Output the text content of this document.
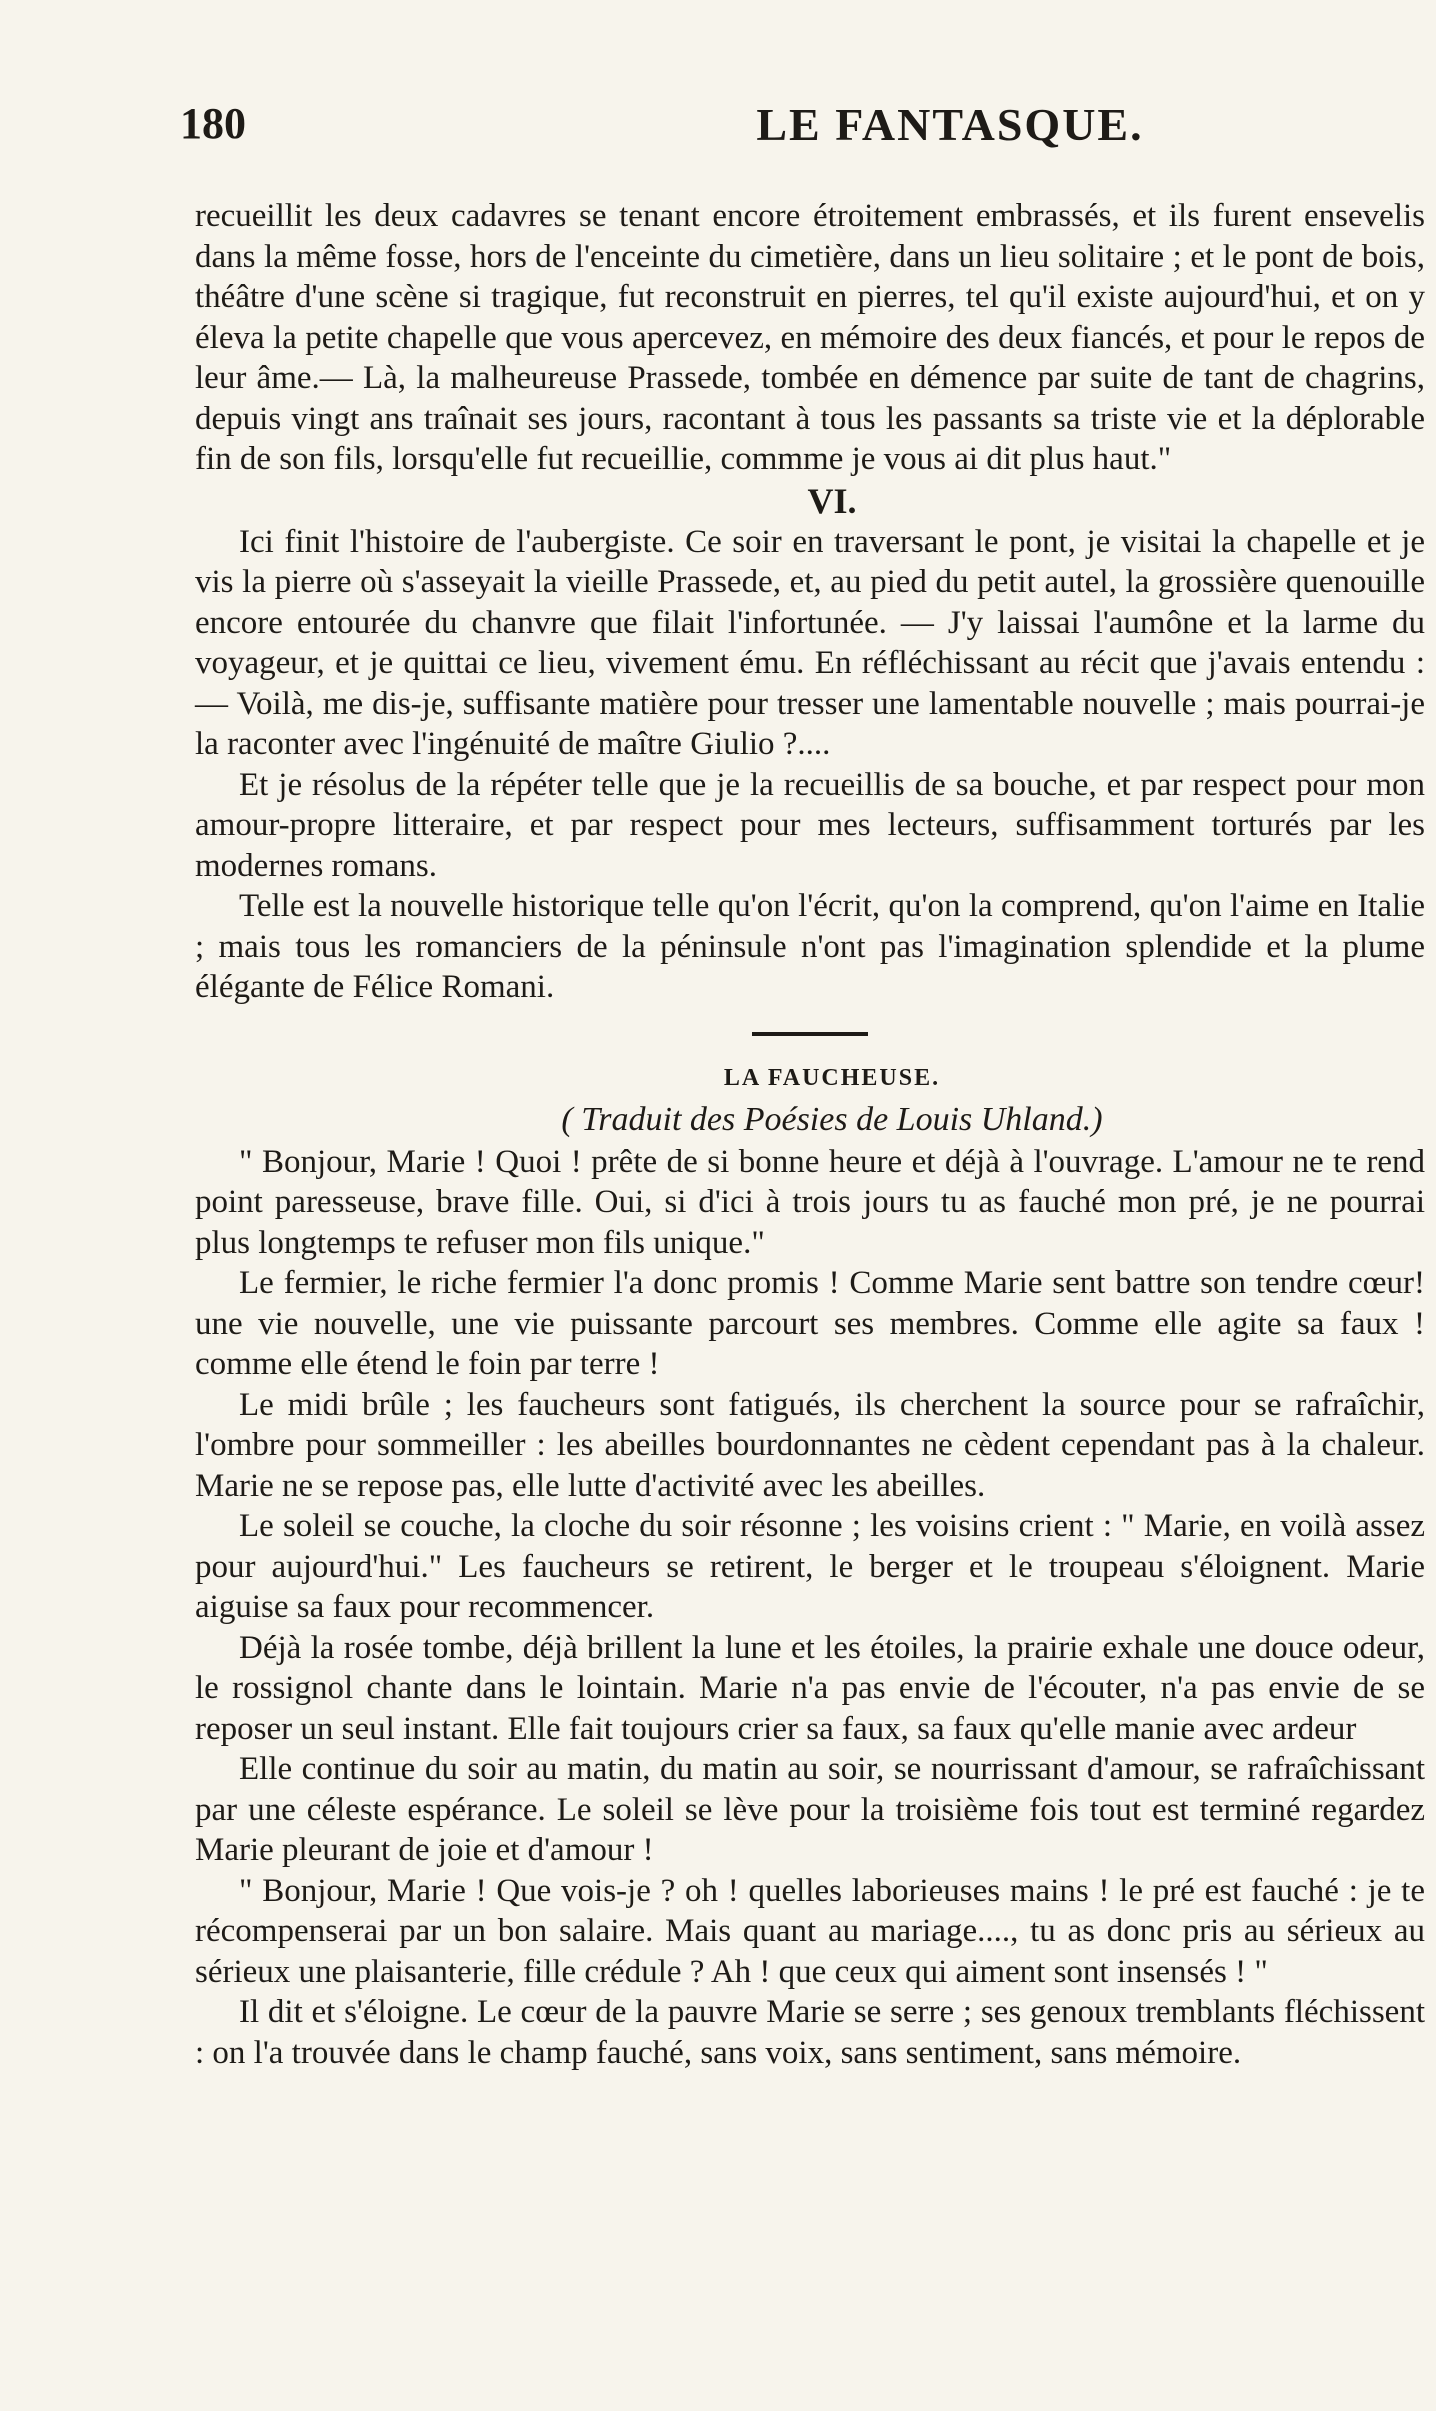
180	LE FANTASQUE.

recueillit les deux cadavres se tenant encore étroitement embrassés, et ils furent ensevelis dans la même fosse, hors de l'enceinte du cimetière, dans un lieu solitaire ; et le pont de bois, théâtre d'une scène si tragique, fut reconstruit en pierres, tel qu'il existe aujourd'hui, et on y éleva la petite chapelle que vous apercevez, en mémoire des deux fiancés, et pour le repos de leur âme.— Là, la malheureuse Prassede, tombée en démence par suite de tant de chagrins, depuis vingt ans traînait ses jours, racontant à tous les passants sa triste vie et la déplorable fin de son fils, lorsqu'elle fut recueillie, commme je vous ai dit plus haut."

VI.

Ici finit l'histoire de l'aubergiste. Ce soir en traversant le pont, je visitai la chapelle et je vis la pierre où s'asseyait la vieille Prassede, et, au pied du petit autel, la grossière quenouille encore entourée du chanvre que filait l'infortunée. — J'y laissai l'aumône et la larme du voyageur, et je quittai ce lieu, vivement ému. En réfléchissant au récit que j'avais entendu :— Voilà, me dis-je, suffisante matière pour tresser une lamentable nouvelle ; mais pourrai-je la raconter avec l'ingénuité de maître Giulio ?....

Et je résolus de la répéter telle que je la recueillis de sa bouche, et par respect pour mon amour-propre litteraire, et par respect pour mes lecteurs, suffisamment torturés par les modernes romans.

Telle est la nouvelle historique telle qu'on l'écrit, qu'on la comprend, qu'on l'aime en Italie ; mais tous les romanciers de la péninsule n'ont pas l'imagination splendide et la plume élégante de Félice Romani.

LA FAUCHEUSE.

( Traduit des Poésies de Louis Uhland.)

" Bonjour, Marie ! Quoi ! prête de si bonne heure et déjà à l'ouvrage. L'amour ne te rend point paresseuse, brave fille. Oui, si d'ici à trois jours tu as fauché mon pré, je ne pourrai plus longtemps te refuser mon fils unique."

Le fermier, le riche fermier l'a donc promis ! Comme Marie sent battre son tendre cœur! une vie nouvelle, une vie puissante parcourt ses membres. Comme elle agite sa faux ! comme elle étend le foin par terre !

Le midi brûle ; les faucheurs sont fatigués, ils cherchent la source pour se rafraîchir, l'ombre pour sommeiller : les abeilles bourdonnantes ne cèdent cependant pas à la chaleur. Marie ne se repose pas, elle lutte d'activité avec les abeilles.

Le soleil se couche, la cloche du soir résonne ; les voisins crient : " Marie, en voilà assez pour aujourd'hui." Les faucheurs se retirent, le berger et le troupeau s'éloignent. Marie aiguise sa faux pour recommencer.

Déjà la rosée tombe, déjà brillent la lune et les étoiles, la prairie exhale une douce odeur, le rossignol chante dans le lointain. Marie n'a pas envie de l'écouter, n'a pas envie de se reposer un seul instant. Elle fait toujours crier sa faux, sa faux qu'elle manie avec ardeur

Elle continue du soir au matin, du matin au soir, se nourrissant d'amour, se rafraîchissant par une céleste espérance. Le soleil se lève pour la troisième fois tout est terminé regardez Marie pleurant de joie et d'amour !

" Bonjour, Marie ! Que vois-je ? oh ! quelles laborieuses mains ! le pré est fauché : je te récompenserai par un bon salaire. Mais quant au mariage...., tu as donc pris au sérieux au sérieux une plaisanterie, fille crédule ? Ah ! que ceux qui aiment sont insensés ! "

Il dit et s'éloigne. Le cœur de la pauvre Marie se serre ; ses genoux tremblants fléchissent : on l'a trouvée dans le champ fauché, sans voix, sans sentiment, sans mémoire.
